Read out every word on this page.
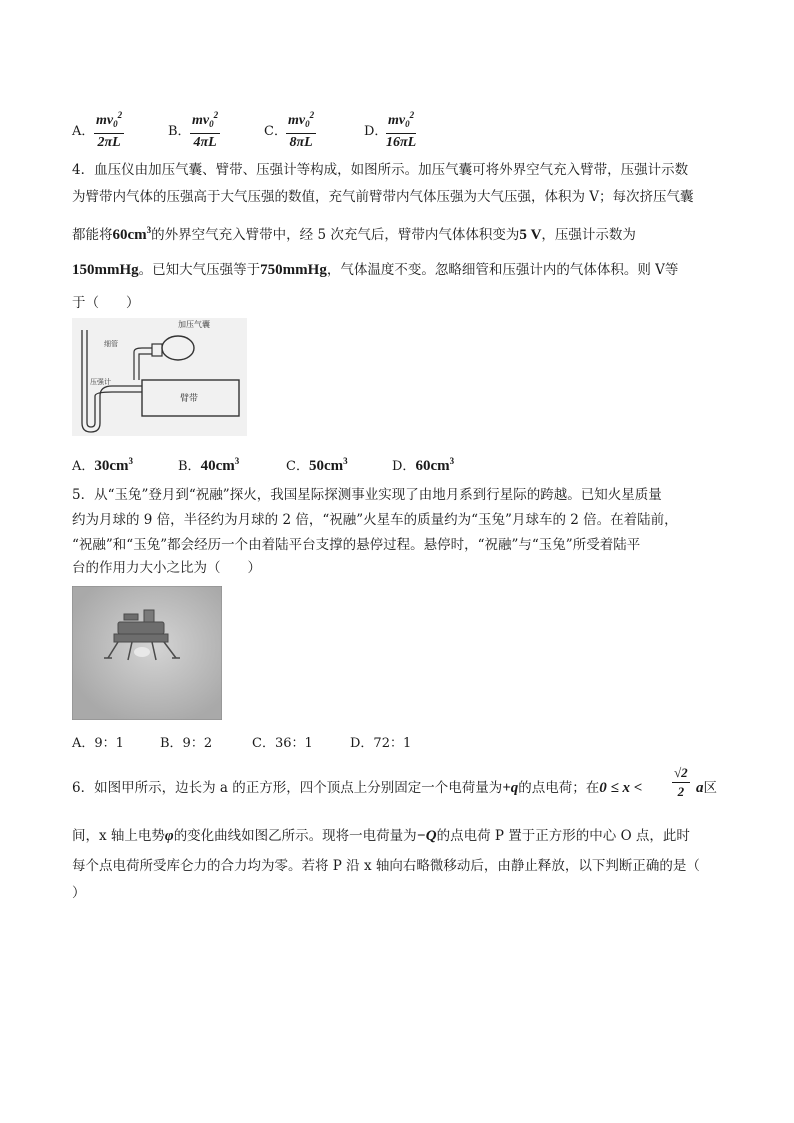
A． $\frac{mv_0^2}{2\pi L}$	B． $\frac{mv_0^2}{4\pi L}$	C． $\frac{mv_0^2}{8\pi L}$	D．
$\frac{mv_0^2}{16\pi L}$
4．血压仪由加压气囊、臂带、压强计等构成，如图所示。加压气囊可将外界空气充入臂带，压强计示数
为臂带内气体的压强高于大气压强的数值，充气前臂带内气体压强为大气压强，体积为 V；每次挤压气囊
都能将$60cm^3$的外界空气充入臂带中，经 5 次充气后，臂带内气体体积变为5 V，压强计示数为
150mmHg。已知大气压强等于750mmHg，气体温度不变。忽略细管和压强计内的气体体积。则 V等
于（　　）
臂带
加压气囊
细管
压强计
A．$30cm^3$	B．$40cm^3$	C．$50cm^3$	D．$60cm^3$
5．从“玉兔”登月到“祝融”探火，我国星际探测事业实现了由地月系到行星际的跨越。已知火星质量
约为月球的 9 倍，半径约为月球的 2 倍，“祝融”火星车的质量约为“玉兔”月球车的 2 倍。在着陆前，
“祝融”和“玉兔”都会经历一个由着陆平台支撑的悬停过程。悬停时，“祝融”与“玉兔”所受着陆平
台的作用力大小之比为（　　）
A．9：1	B．9：2	C．36：1	D．72：1
6．如图甲所示，边长为 a 的正方形，四个顶点上分别固定一个电荷量为+q的点电荷；在$0 \le x < \frac{√2}{2}$ a区
间，x 轴上电势φ的变化曲线如图乙所示。现将一电荷量为−Q的点电荷 P 置于正方形的中心 O 点，此时
每个点电荷所受库仑力的合力均为零。若将 P 沿 x 轴向右略微移动后，由静止释放，以下判断正确的是（
）
